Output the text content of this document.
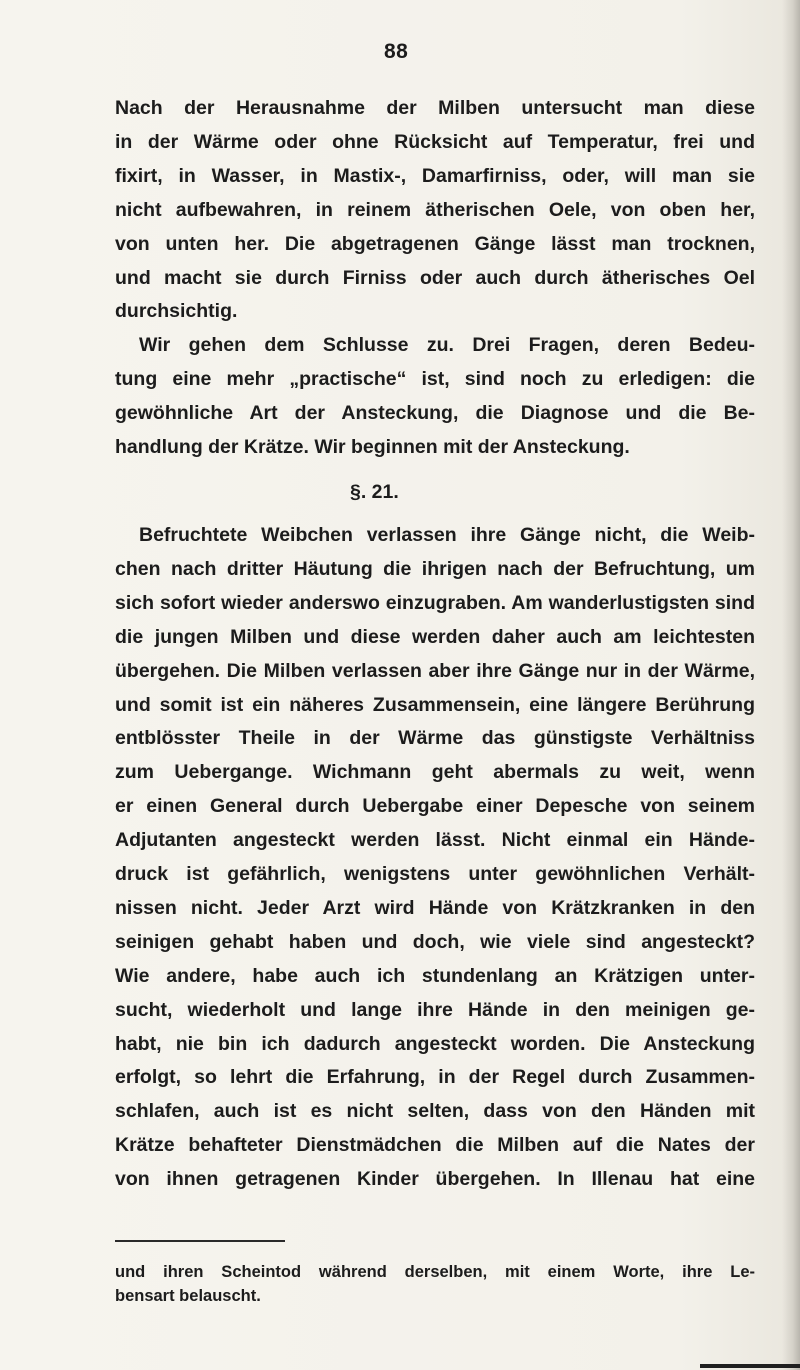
88
Nach der Herausnahme der Milben untersucht man diese
in der Wärme oder ohne Rücksicht auf Temperatur, frei und
fixirt, in Wasser, in Mastix-, Damarfirniss, oder, will man sie
nicht aufbewahren, in reinem ätherischen Oele, von oben her,
von unten her. Die abgetragenen Gänge lässt man trocknen,
und macht sie durch Firniss oder auch durch ätherisches Oel
durchsichtig.
Wir gehen dem Schlusse zu. Drei Fragen, deren Bedeu-
tung eine mehr „practische“ ist, sind noch zu erledigen: die
gewöhnliche Art der Ansteckung, die Diagnose und die Be-
handlung der Krätze. Wir beginnen mit der Ansteckung.
§. 21.
Befruchtete Weibchen verlassen ihre Gänge nicht, die Weib-
chen nach dritter Häutung die ihrigen nach der Befruchtung, um
sich sofort wieder anderswo einzugraben. Am wanderlustigsten sind
die jungen Milben und diese werden daher auch am leichtesten
übergehen. Die Milben verlassen aber ihre Gänge nur in der Wärme,
und somit ist ein näheres Zusammensein, eine längere Berührung
entblösster Theile in der Wärme das günstigste Verhältniss
zum Uebergange. Wichmann geht abermals zu weit, wenn
er einen General durch Uebergabe einer Depesche von seinem
Adjutanten angesteckt werden lässt. Nicht einmal ein Hände-
druck ist gefährlich, wenigstens unter gewöhnlichen Verhält-
nissen nicht. Jeder Arzt wird Hände von Krätzkranken in den
seinigen gehabt haben und doch, wie viele sind angesteckt?
Wie andere, habe auch ich stundenlang an Krätzigen unter-
sucht, wiederholt und lange ihre Hände in den meinigen ge-
habt, nie bin ich dadurch angesteckt worden. Die Ansteckung
erfolgt, so lehrt die Erfahrung, in der Regel durch Zusammen-
schlafen, auch ist es nicht selten, dass von den Händen mit
Krätze behafteter Dienstmädchen die Milben auf die Nates der
von ihnen getragenen Kinder übergehen. In Illenau hat eine
und ihren Scheintod während derselben, mit einem Worte, ihre Le-
bensart belauscht.
